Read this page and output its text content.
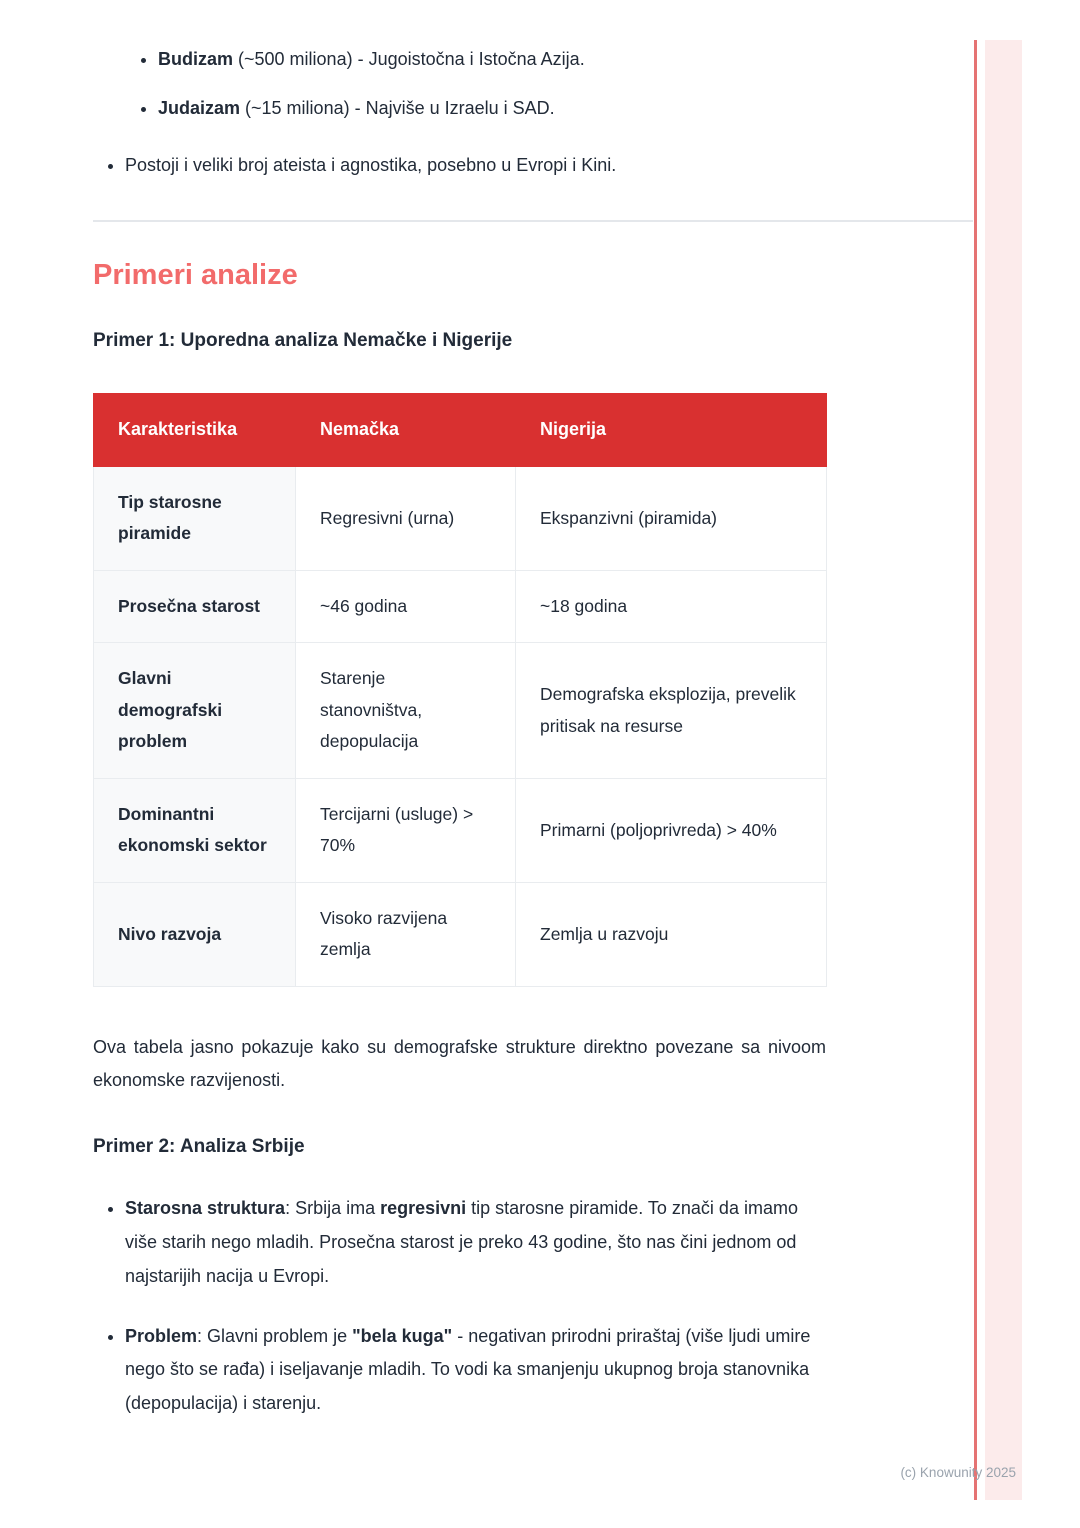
• Budizam (~500 miliona) - Jugoistočna i Istočna Azija.
• Judaizam (~15 miliona) - Najviše u Izraelu i SAD.
• Postoji i veliki broj ateista i agnostika, posebno u Evropi i Kini.
Primeri analize
Primer 1: Uporedna analiza Nemačke i Nigerije
Karakteristika	Nemačka	Nigerija
Tip starosne piramide	Regresivni (urna)	Ekspanzivni (piramida)
Prosečna starost	~46 godina	~18 godina
Glavni demografski problem	Starenje stanovništva, depopulacija	Demografska eksplozija, prevelik pritisak na resurse
Dominantni ekonomski sektor	Tercijarni (usluge) > 70%	Primarni (poljoprivreda) > 40%
Nivo razvoja	Visoko razvijena zemlja	Zemlja u razvoju

Ova tabela jasno pokazuje kako su demografske strukture direktno povezane sa nivoom ekonomske razvijenosti.

Primer 2: Analiza Srbije
• Starosna struktura: Srbija ima regresivni tip starosne piramide. To znači da imamo više starih nego mladih. Prosečna starost je preko 43 godine, što nas čini jednom od najstarijih nacija u Evropi.
• Problem: Glavni problem je "bela kuga" - negativan prirodni priraštaj (više ljudi umire nego što se rađa) i iseljavanje mladih. To vodi ka smanjenju ukupnog broja stanovnika (depopulacija) i starenju.
(c) Knowunity 2025
